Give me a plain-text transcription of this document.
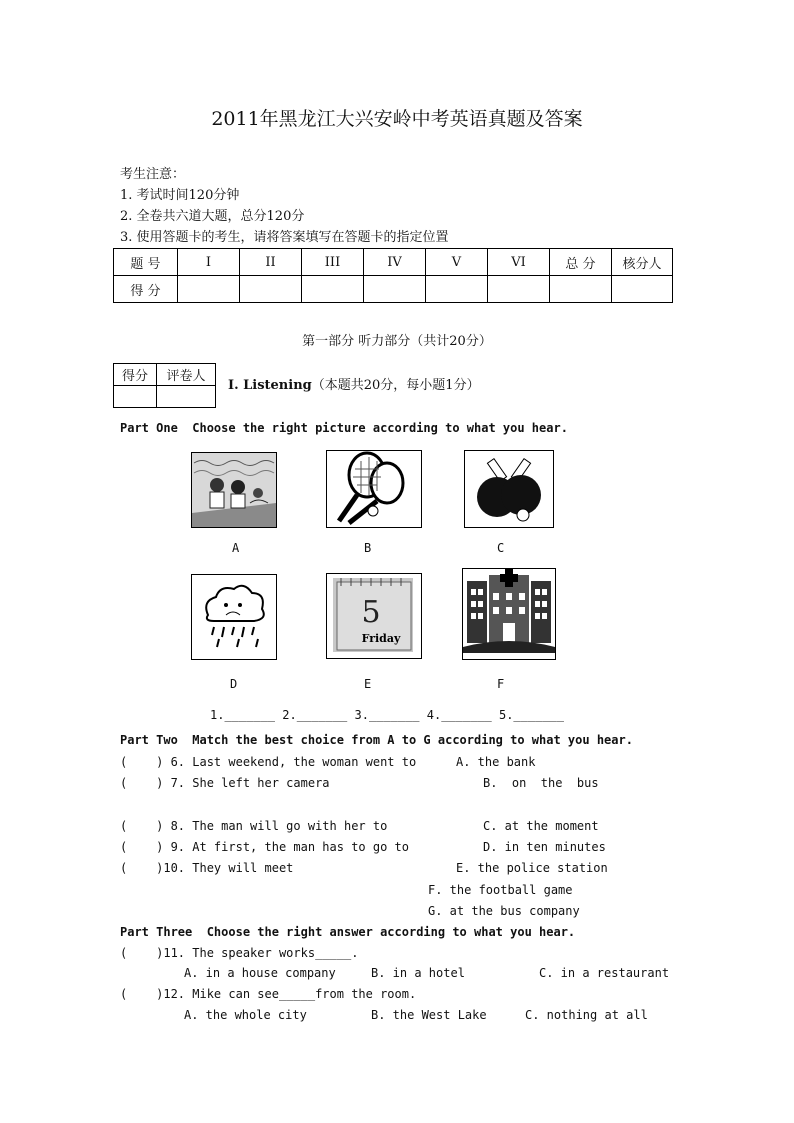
2011年黑龙江大兴安岭中考英语真题及答案
考生注意：
1. 考试时间120分钟
2. 全卷共六道大题，总分120分
3. 使用答题卡的考生，请将答案填写在答题卡的指定位置
题 号	I	II	III	IV	V	VI	总 分	核分人
得 分								
第一部分 听力部分（共计20分）
得分	评卷人

I. Listening（本题共20分，每小题1分）
Part One  Choose the right picture according to what you hear.
A	B	C
D
5
Friday
E	F
1._______ 2._______ 3._______ 4._______ 5._______
Part Two  Match the best choice from A to G according to what you hear.
(    ) 6. Last weekend, the woman went to
(    ) 7. She left her camera
(    ) 8. The man will go with her to
(    ) 9. At first, the man has to go to
(    )10. They will meet
A. the bank
B.  on  the  bus
C. at the moment
D. in ten minutes
E. the police station
F. the football game
G. at the bus company
Part Three  Choose the right answer according to what you hear.
(    )11. The speaker works_____.
A. in a house company	B. in a hotel	C. in a restaurant
(    )12. Mike can see_____from the room.
A. the whole city	B. the West Lake	C. nothing at all
